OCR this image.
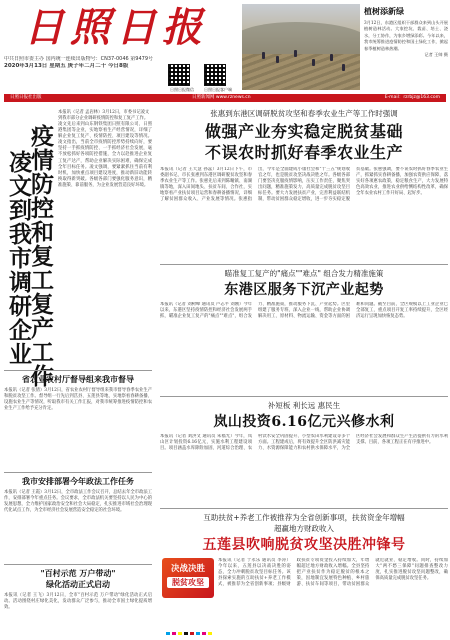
日照日报
中共日照市委主办 国内统一连续出版物号：CN37-0046 第9479号
2020年3月13日 星期五 庚子年二月二十 今日8版
日照日报微信	日照日报客户端
植树添新绿
3月12日，东港区组织干部群众来到山头开展植树造林活动。大家挖坑、栽苗、培土、浇水，分工协作，为家乡增绿添彩。今年以来，我市统筹推进疫情防控和国土绿化工作，掀起春季植树造林热潮。
记者 王帅 摄
日照日报社出版	日照新闻网 www.rznews.cn	E-mail：rzrbjz@163.com
疫情防控和复工复产工作
凌文到我市调研企业
本报讯（记者 孟岩林）3月12日，市委书记凌文到我市部分企业调研疫情防控和复工复产工作。
凌文先后来到山东钢铁集团日照有限公司、日照港集团等企业，实地察看生产经营情况，详细了解企业复工复产、疫情防控、项目建设等情况。凌文指出，当前全市疫情防控形势持续向好，要坚持一手抓疫情防控、一手抓经济社会发展，毫不放松抓好各项防控措施，全力以赴推进企业复工复产达产，帮助企业解决实际困难，确保完成全年目标任务。凌文强调，要紧紧抓住当前有利时机，加快重点项目建设进度，推动新旧动能转换取得新突破。各级各部门要强化服务意识，精准施策、靠前服务，为企业发展营造良好环境。
省农业农村厅督导组来我市督导
本报讯（记者 张倩）3月12日，省农业农村厅督导组来我市督导春季农业生产和脱贫攻坚工作。督导组一行先后到莒县、五莲县等地，实地察看春耕备播、设施农业生产等情况，听取我市有关工作汇报，对我市统筹推进疫情防控和农业生产工作给予充分肯定。
我市安排部署今年政法工作任务
本报讯（记者 王霞）3月12日，全市政法工作会议召开，总结去年全市政法工作，安排部署今年重点任务。会议要求，全市政法机关要坚持以人民为中心的发展思想，全力维护国家政治安全和社会大局稳定，扎实推进市域社会治理现代化试点工作，为全市经济社会发展营造安全稳定的社会环境。
"百村示范 万户带动"
绿化活动正式启动
本报讯（记者 王飞）3月12日，全市"百村示范 万户带动"绿化活动正式启动。活动围绕村庄绿化美化，发动群众广泛参与，推动全市国土绿化提质增效。
张惠到东港区调研脱贫攻坚和春季农业生产等工作时强调
做强产业夯实稳定脱贫基础
不误农时抓好春季农业生产
本报讯（记者 王天慧 孙蕊）3月12日下午，市委副书记、市长张惠到东港区调研脱贫攻坚和春季农业生产等工作。张惠先后来到陈疃镇、南湖镇等地，深入田间地头、扶贫车间、合作社，实地察看产业扶贫项目运营和春耕备播情况，详细了解贫困群众收入、产业发展等情况。张惠指出，今年是全面建成小康社会和"十三五"规划收官之年，也是脱贫攻坚决战决胜之年。各级各部门要坚决克服疫情影响，压实工作责任，聚焦突出问题，精准施策发力，高质量完成脱贫攻坚目标任务。要大力发展扶贫产业，完善利益联结机制，带动贫困群众稳定增收，进一步夯实稳定脱贫基础。张惠强调，要不误农时抓好春季农业生产，抓紧抓实春耕备播，加强农资供应保障，落实好各项惠农政策，稳定粮食生产，大力发展特色高效农业，推进农业供给侧结构性改革，确保全年农业农村工作开好局、起好步。
瞄准复工复产的"痛点""难点" 组合发力精准施策
东港区服务下沉产业起势
本报讯（记者 刘树峰 通讯员 卢志平 刘刚）今年以来，东港区坚持疫情防控和经济社会发展两手抓，瞄准企业复工复产的"痛点""难点"，组合发力、精准施策，推动服务下沉、产业起势。区里组建了服务专班，深入企业一线，帮助企业协调解决用工、原材料、物流运输、资金等方面的困难和问题。截至目前，全区规模以上工业企业已全部复工，重点项目开复工率持续提升，全区经济运行呈现加快恢复态势。
补短板 利长远 惠民生
岚山投资6.16亿元兴修水利
本报讯（记者 刘洪文 通讯员 朱福光）今年，岚山区计划投资6.16亿元，实施水利工程建设项目。项目涵盖水库除险加固、河道综合治理、农村饮水安全巩固提升、小型农田水利建设等多个方面。工程建成后，将有效提升全区防洪减灾能力、水资源保障能力和农村供水保障水平，为全区经济社会发展和群众生产生活提供有力的水利支撑。目前，各项工程正在有序推进中。
互助扶贫+养老工作被推荐为全省创新事项，扶贫资金年增幅
超赢地方财政收入
五莲县吹响脱贫攻坚决胜冲锋号
决战决胜
脱贫攻坚
本报讯（记者 于永乐 通讯员 李涛）今年以来，五莲县以决战决胜的姿态，全力冲刺脱贫攻坚目标任务。该县探索实施的互助扶贫+养老工作模式，被推荐为全省创新事项；县级财政扶贫专项资金投入持续加大，年增幅超过地方财政收入增幅。全县坚持把产业扶贫作为稳定脱贫的根本之策，因地制宜发展特色种植、乡村旅游、扶贫车间等项目，带动贫困群众就近就业、稳定增收。同时，持续加大"两不愁三保障"问题排查整改力度，扎实推进脱贫攻坚问题整改，确保高质量完成脱贫攻坚任务。
